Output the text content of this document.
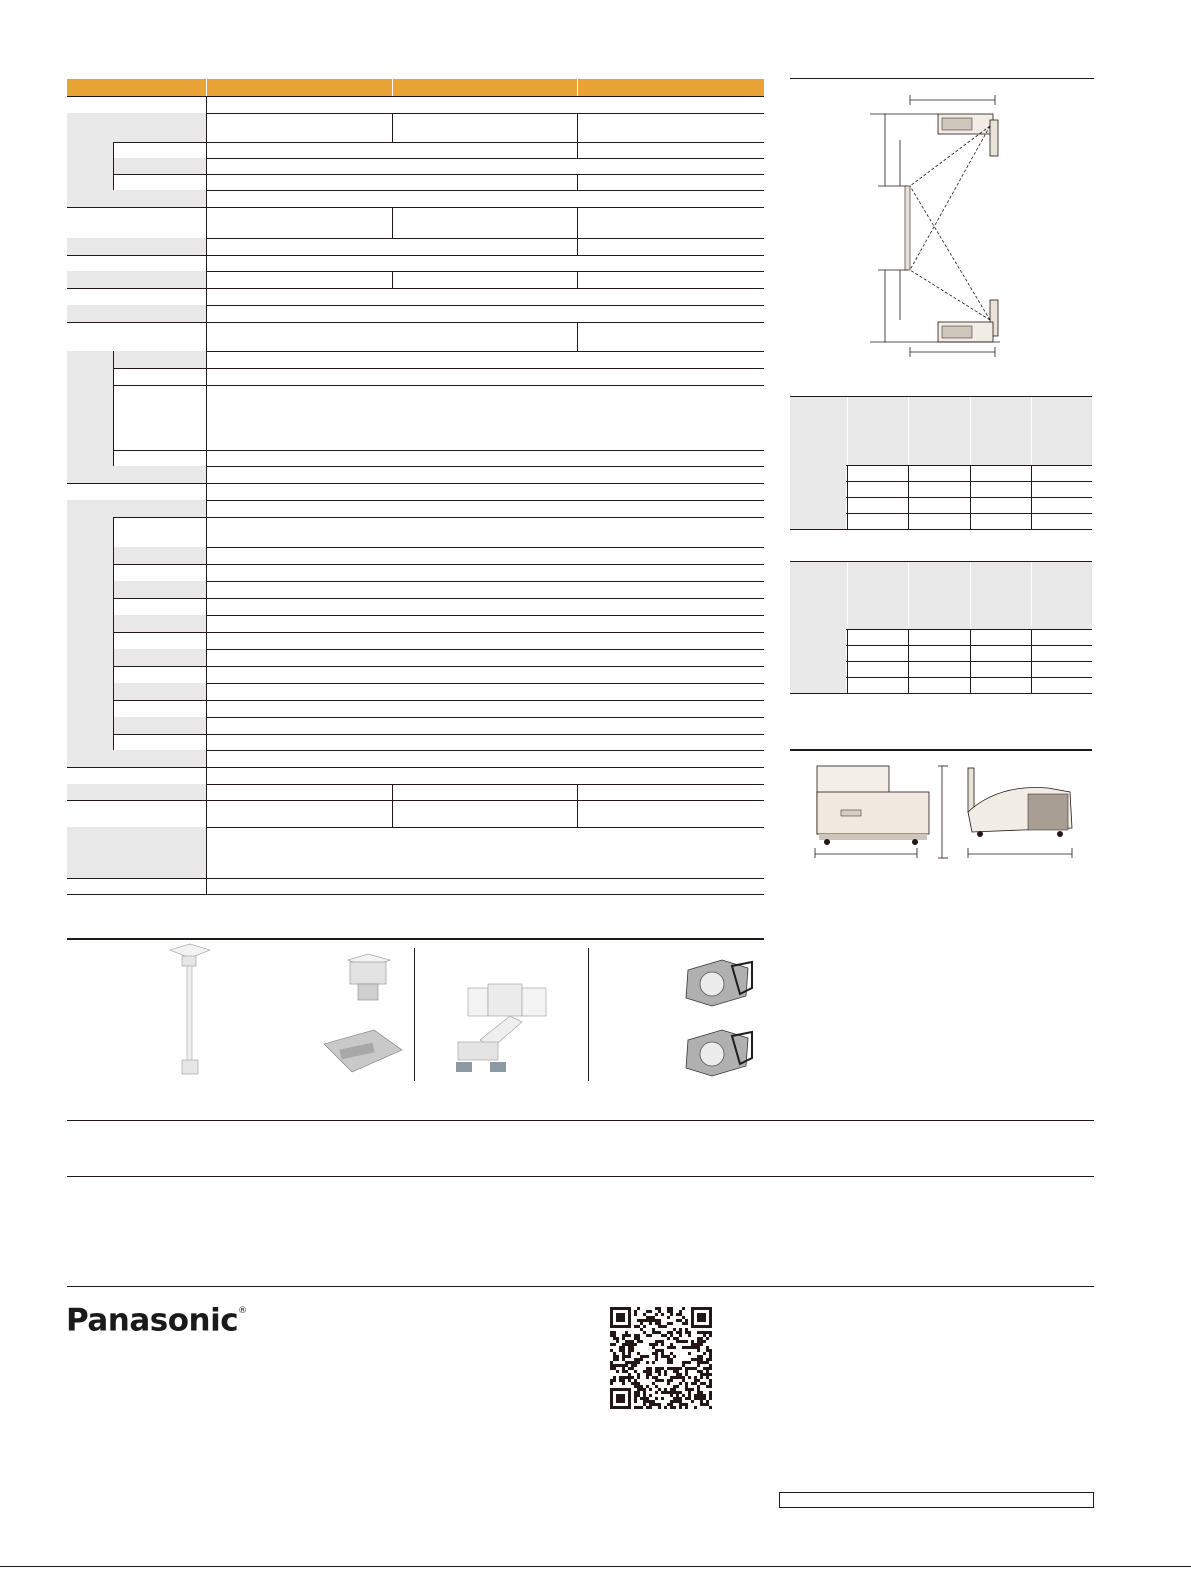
Panasonic®
